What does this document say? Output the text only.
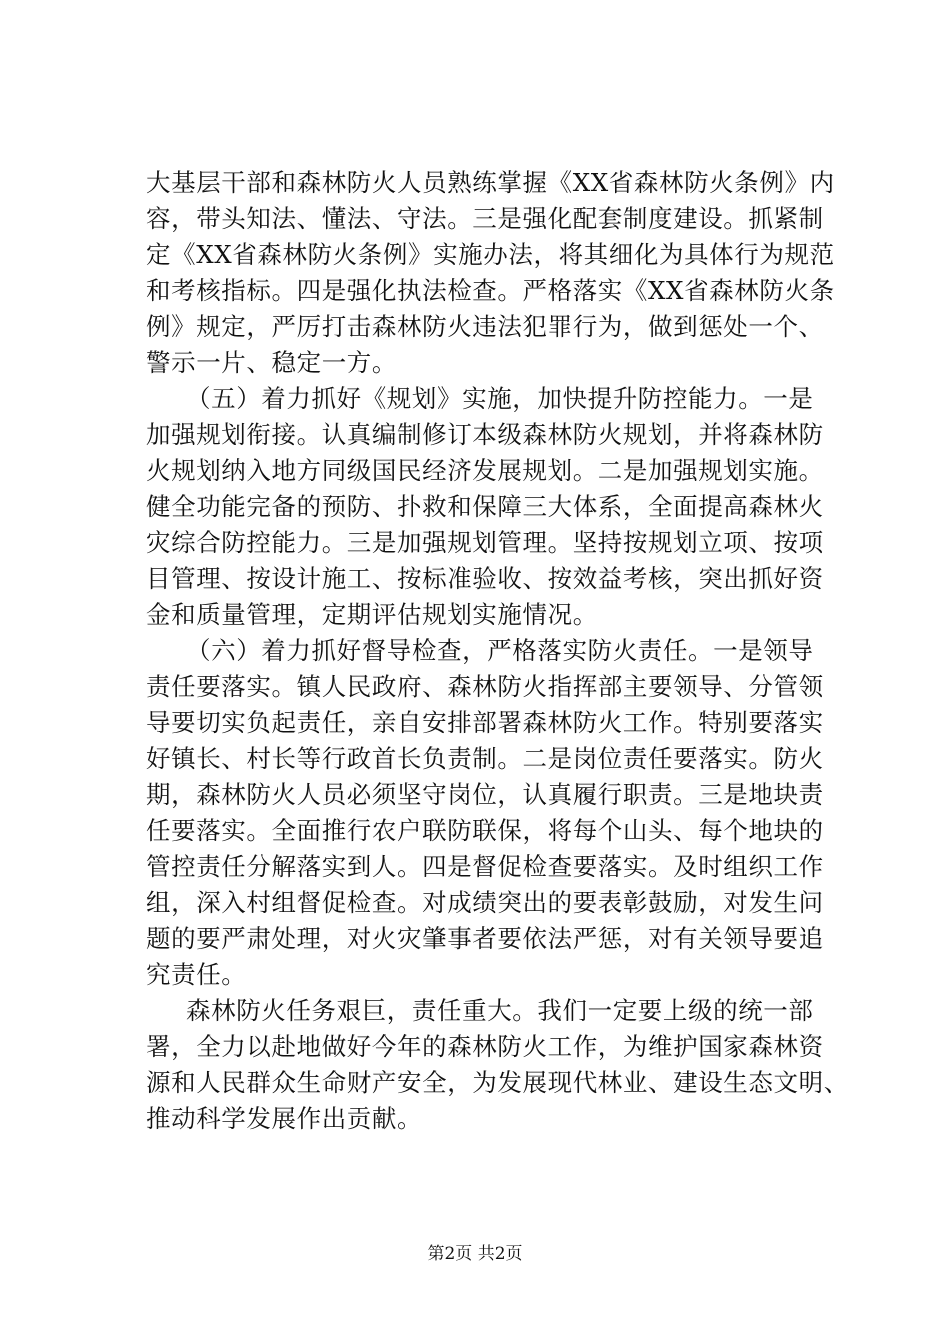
大基层干部和森林防火人员熟练掌握《XX省森林防火条例》内
容，带头知法、懂法、守法。三是强化配套制度建设。抓紧制
定《XX省森林防火条例》实施办法，将其细化为具体行为规范
和考核指标。四是强化执法检查。严格落实《XX省森林防火条
例》规定，严厉打击森林防火违法犯罪行为，做到惩处一个、
警示一片、稳定一方。
（五）着力抓好《规划》实施，加快提升防控能力。一是
加强规划衔接。认真编制修订本级森林防火规划，并将森林防
火规划纳入地方同级国民经济发展规划。二是加强规划实施。
健全功能完备的预防、扑救和保障三大体系，全面提高森林火
灾综合防控能力。三是加强规划管理。坚持按规划立项、按项
目管理、按设计施工、按标准验收、按效益考核，突出抓好资
金和质量管理，定期评估规划实施情况。
（六）着力抓好督导检查，严格落实防火责任。一是领导
责任要落实。镇人民政府、森林防火指挥部主要领导、分管领
导要切实负起责任，亲自安排部署森林防火工作。特别要落实
好镇长、村长等行政首长负责制。二是岗位责任要落实。防火
期，森林防火人员必须坚守岗位，认真履行职责。三是地块责
任要落实。全面推行农户联防联保，将每个山头、每个地块的
管控责任分解落实到人。四是督促检查要落实。及时组织工作
组，深入村组督促检查。对成绩突出的要表彰鼓励，对发生问
题的要严肃处理，对火灾肇事者要依法严惩，对有关领导要追
究责任。
森林防火任务艰巨，责任重大。我们一定要上级的统一部
署，全力以赴地做好今年的森林防火工作，为维护国家森林资
源和人民群众生命财产安全，为发展现代林业、建设生态文明、
推动科学发展作出贡献。
第2页 共2页
